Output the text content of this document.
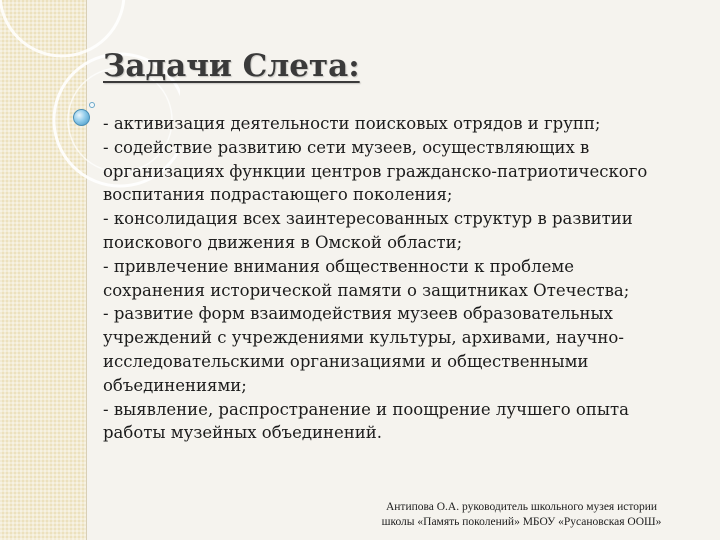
Задачи Слета:
- активизация деятельности поисковых отрядов и групп;
- содействие развитию сети музеев, осуществляющих в
организациях функции центров гражданско-патриотического
воспитания подрастающего поколения;
- консолидация всех заинтересованных структур в развитии
поискового движения в Омской области;
- привлечение внимания общественности к проблеме
сохранения исторической памяти о защитниках Отечества;
- развитие форм взаимодействия музеев образовательных
учреждений с учреждениями культуры, архивами, научно-
исследовательскими организациями и общественными
объединениями;
- выявление, распространение и поощрение лучшего опыта
работы музейных объединений.
Антипова О.А. руководитель школьного музея истории
школы «Память поколений» МБОУ «Русановская ООШ»
